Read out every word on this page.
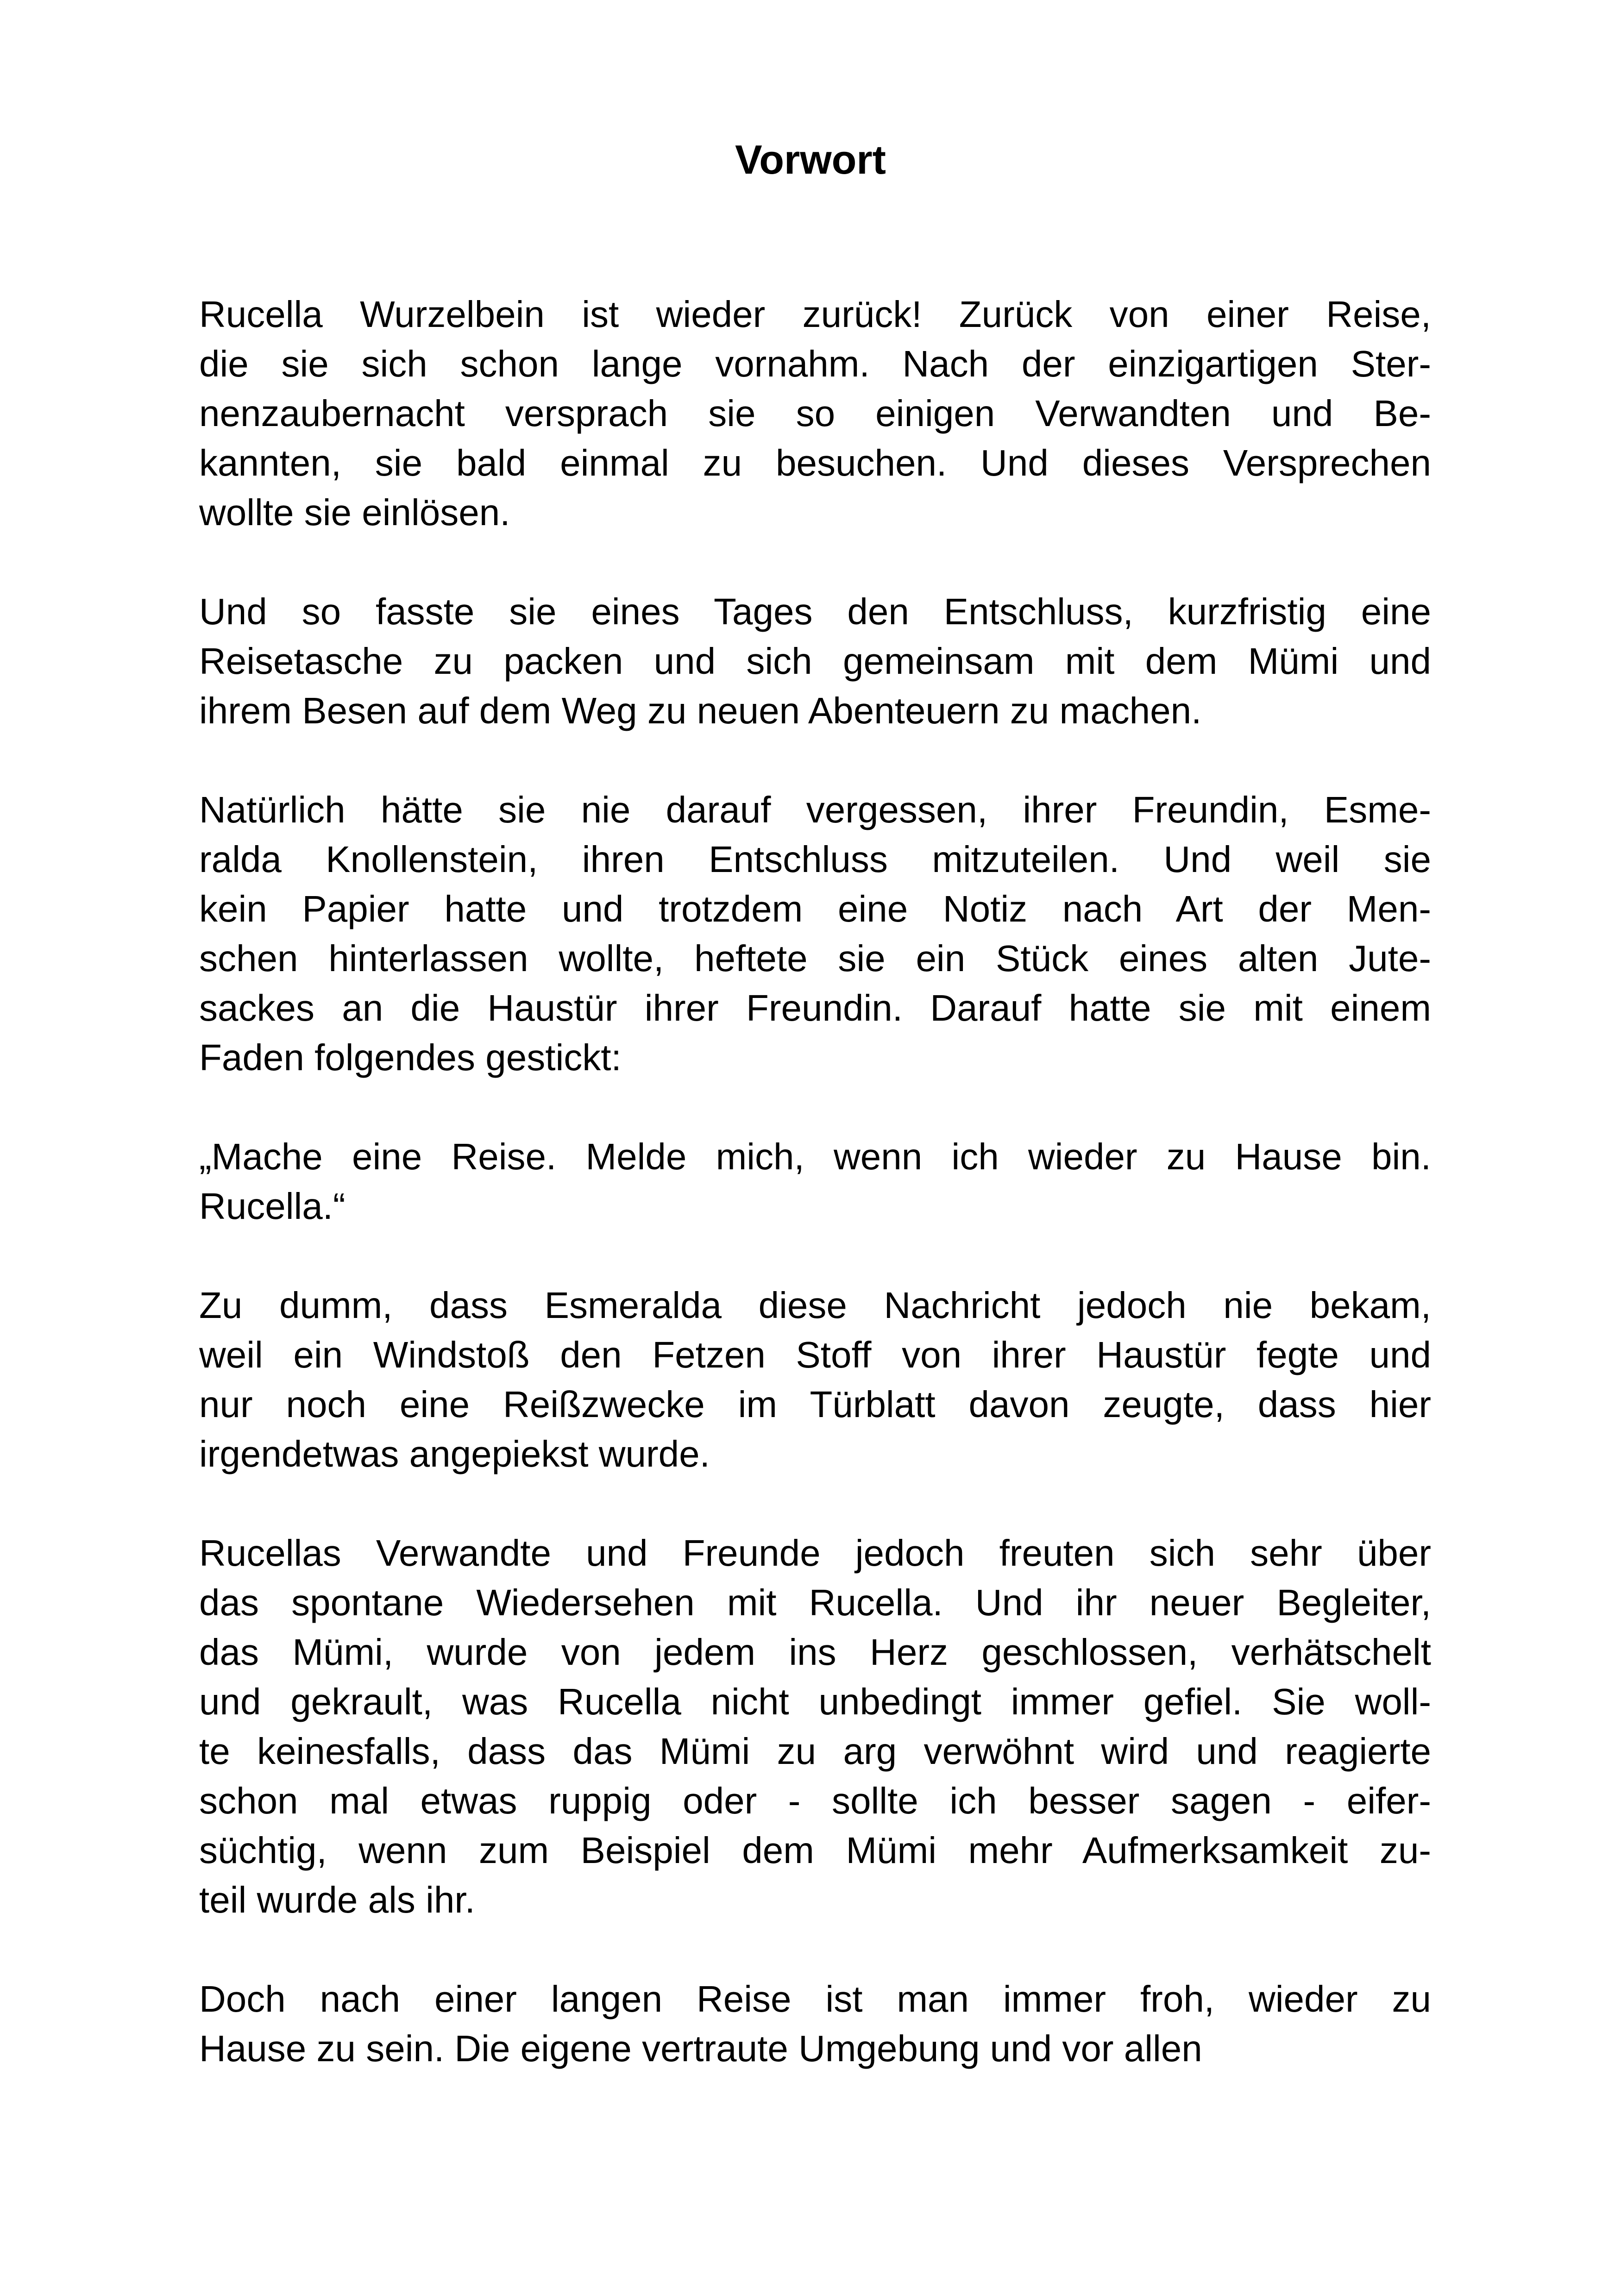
Vorwort
Rucella Wurzelbein ist wieder zurück! Zurück von einer Reise,
die sie sich schon lange vornahm. Nach der einzigartigen Ster-
nenzaubernacht versprach sie so einigen Verwandten und Be-
kannten, sie bald einmal zu besuchen. Und dieses Versprechen
wollte sie einlösen.
Und so fasste sie eines Tages den Entschluss, kurzfristig eine
Reisetasche zu packen und sich gemeinsam mit dem Mümi und
ihrem Besen auf dem Weg zu neuen Abenteuern zu machen.
Natürlich hätte sie nie darauf vergessen, ihrer Freundin, Esme-
ralda Knollenstein, ihren Entschluss mitzuteilen. Und weil sie
kein Papier hatte und trotzdem eine Notiz nach Art der Men-
schen hinterlassen wollte, heftete sie ein Stück eines alten Jute-
sackes an die Haustür ihrer Freundin. Darauf hatte sie mit einem
Faden folgendes gestickt:
„Mache eine Reise. Melde mich, wenn ich wieder zu Hause bin.
Rucella.“
Zu dumm, dass Esmeralda diese Nachricht jedoch nie bekam,
weil ein Windstoß den Fetzen Stoff von ihrer Haustür fegte und
nur noch eine Reißzwecke im Türblatt davon zeugte, dass hier
irgendetwas angepiekst wurde.
Rucellas Verwandte und Freunde jedoch freuten sich sehr über
das spontane Wiedersehen mit Rucella. Und ihr neuer Begleiter,
das Mümi, wurde von jedem ins Herz geschlossen, verhätschelt
und gekrault, was Rucella nicht unbedingt immer gefiel. Sie woll-
te keinesfalls, dass das Mümi zu arg verwöhnt wird und reagierte
schon mal etwas ruppig oder - sollte ich besser sagen - eifer-
süchtig, wenn zum Beispiel dem Mümi mehr Aufmerksamkeit zu-
teil wurde als ihr.
Doch nach einer langen Reise ist man immer froh, wieder zu
Hause zu sein. Die eigene vertraute Umgebung und vor allen
